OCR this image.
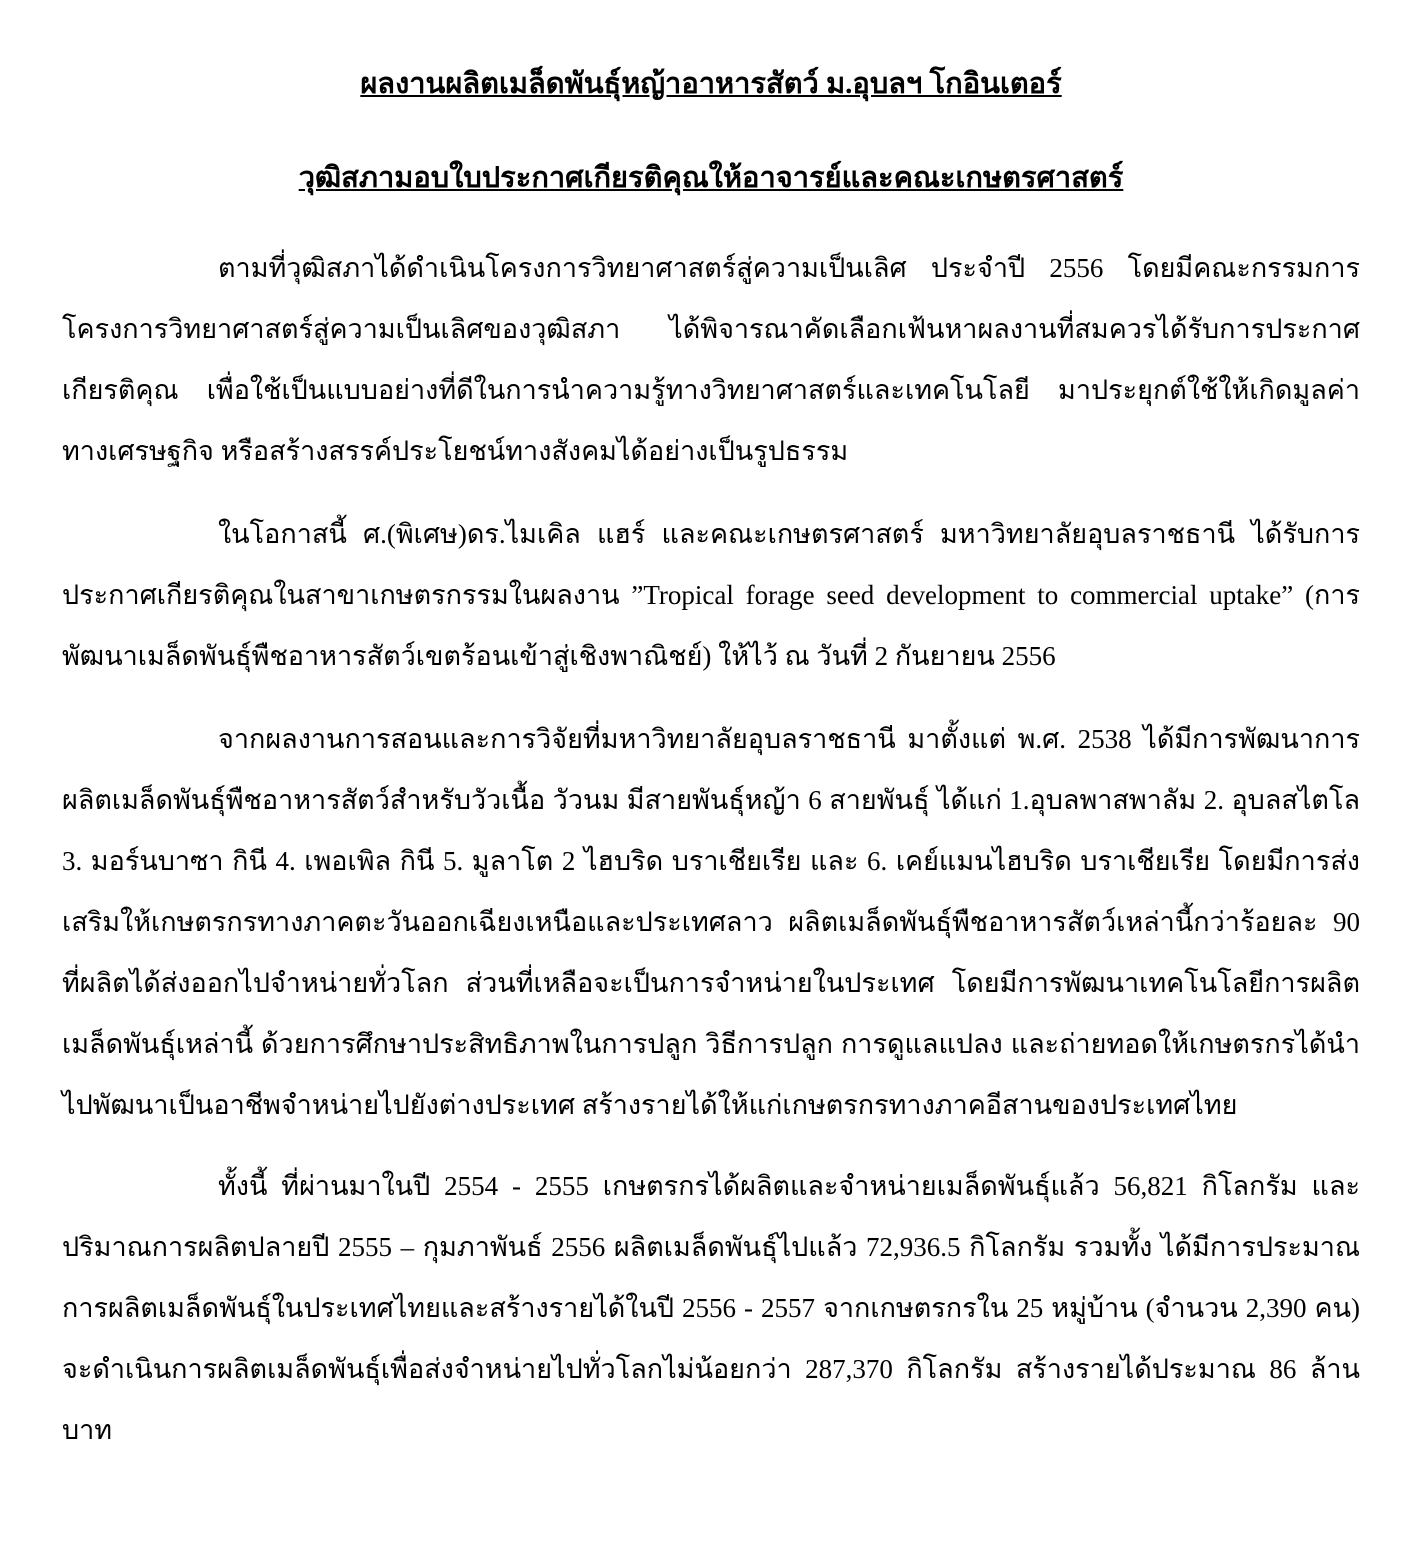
ผลงานผลิตเมล็ดพันธุ์หญ้าอาหารสัตว์ ม.อุบลฯ โกอินเตอร์
วุฒิสภามอบใบประกาศเกียรติคุณให้อาจารย์และคณะเกษตรศาสตร์

ตามที่วุฒิสภาได้ดำเนินโครงการวิทยาศาสตร์สู่ความเป็นเลิศ ประจำปี 2556 โดยมีคณะกรรมการโครงการวิทยาศาสตร์สู่ความเป็นเลิศของวุฒิสภา ได้พิจารณาคัดเลือกเฟ้นหาผลงานที่สมควรได้รับการประกาศเกียรติคุณ เพื่อใช้เป็นแบบอย่างที่ดีในการนำความรู้ทางวิทยาศาสตร์และเทคโนโลยี มาประยุกต์ใช้ให้เกิดมูลค่าทางเศรษฐกิจ หรือสร้างสรรค์ประโยชน์ทางสังคมได้อย่างเป็นรูปธรรม

ในโอกาสนี้ ศ.(พิเศษ)ดร.ไมเคิล แฮร์ และคณะเกษตรศาสตร์ มหาวิทยาลัยอุบลราชธานี ได้รับการประกาศเกียรติคุณในสาขาเกษตรกรรมในผลงาน ”Tropical forage seed development to commercial uptake” (การพัฒนาเมล็ดพันธุ์พืชอาหารสัตว์เขตร้อนเข้าสู่เชิงพาณิชย์) ให้ไว้ ณ วันที่ 2 กันยายน 2556

จากผลงานการสอนและการวิจัยที่มหาวิทยาลัยอุบลราชธานี มาตั้งแต่ พ.ศ. 2538 ได้มีการพัฒนาการผลิตเมล็ดพันธุ์พืชอาหารสัตว์สำหรับวัวเนื้อ วัวนม มีสายพันธุ์หญ้า 6 สายพันธุ์ ได้แก่ 1.อุบลพาสพาลัม 2. อุบลสไตโล 3. มอร์นบาซา กินี 4. เพอเพิล กินี 5. มูลาโต 2 ไฮบริด บราเชียเรีย และ 6. เคย์แมนไฮบริด บราเชียเรีย โดยมีการส่งเสริมให้เกษตรกรทางภาคตะวันออกเฉียงเหนือและประเทศลาว ผลิตเมล็ดพันธุ์พืชอาหารสัตว์เหล่านี้กว่าร้อยละ 90 ที่ผลิตได้ส่งออกไปจำหน่ายทั่วโลก ส่วนที่เหลือจะเป็นการจำหน่ายในประเทศ โดยมีการพัฒนาเทคโนโลยีการผลิตเมล็ดพันธุ์เหล่านี้ ด้วยการศึกษาประสิทธิภาพในการปลูก วิธีการปลูก การดูแลแปลง และถ่ายทอดให้เกษตรกรได้นำไปพัฒนาเป็นอาชีพจำหน่ายไปยังต่างประเทศ สร้างรายได้ให้แก่เกษตรกรทางภาคอีสานของประเทศไทย

ทั้งนี้ ที่ผ่านมาในปี 2554 - 2555 เกษตรกรได้ผลิตและจำหน่ายเมล็ดพันธุ์แล้ว 56,821 กิโลกรัม และปริมาณการผลิตปลายปี 2555 – กุมภาพันธ์ 2556 ผลิตเมล็ดพันธุ์ไปแล้ว 72,936.5 กิโลกรัม รวมทั้ง ได้มีการประมาณการผลิตเมล็ดพันธุ์ในประเทศไทยและสร้างรายได้ในปี 2556 - 2557 จากเกษตรกรใน 25 หมู่บ้าน (จำนวน 2,390 คน) จะดำเนินการผลิตเมล็ดพันธุ์เพื่อส่งจำหน่ายไปทั่วโลกไม่น้อยกว่า 287,370 กิโลกรัม สร้างรายได้ประมาณ 86 ล้านบาท
